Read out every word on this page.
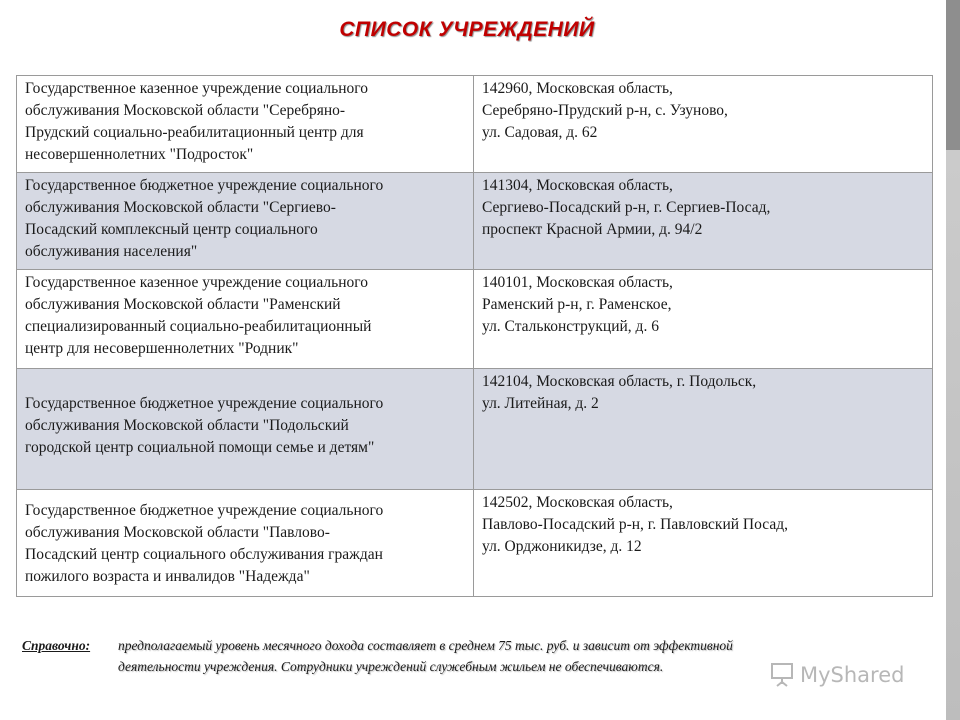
СПИСОК УЧРЕЖДЕНИЙ
Государственное казенное учреждение социального
обслуживания Московской области "Серебряно-
Прудский социально-реабилитационный центр для
несовершеннолетних "Подросток"	142960, Московская область,
Серебряно-Прудский р-н, с. Узуново,
ул. Садовая, д. 62

Государственное бюджетное учреждение социального
обслуживания Московской области "Сергиево-
Посадский комплексный центр социального
обслуживания населения"	141304, Московская область,
Сергиево-Посадский р-н, г. Сергиев-Посад,
проспект Красной Армии, д. 94/2

Государственное казенное учреждение социального
обслуживания Московской области "Раменский
специализированный социально-реабилитационный
центр для несовершеннолетних "Родник"	140101, Московская область,
Раменский р-н, г. Раменское,
ул. Стальконструкций, д. 6

Государственное бюджетное учреждение социального
обслуживания Московской области "Подольский
городской центр социальной помощи семье и детям"	142104, Московская область, г. Подольск,
ул. Литейная, д. 2

Государственное бюджетное учреждение социального
обслуживания Московской области "Павлово-
Посадский центр социального обслуживания граждан
пожилого возраста и инвалидов "Надежда"	142502, Московская область,
Павлово-Посадский р-н, г. Павловский Посад,
ул. Орджоникидзе, д. 12
Справочно: предполагаемый уровень месячного дохода составляет в среднем 75 тыс. руб. и зависит от эффективной
деятельности учреждения. Сотрудники учреждений служебным жильем не обеспечиваются.	MyShared
